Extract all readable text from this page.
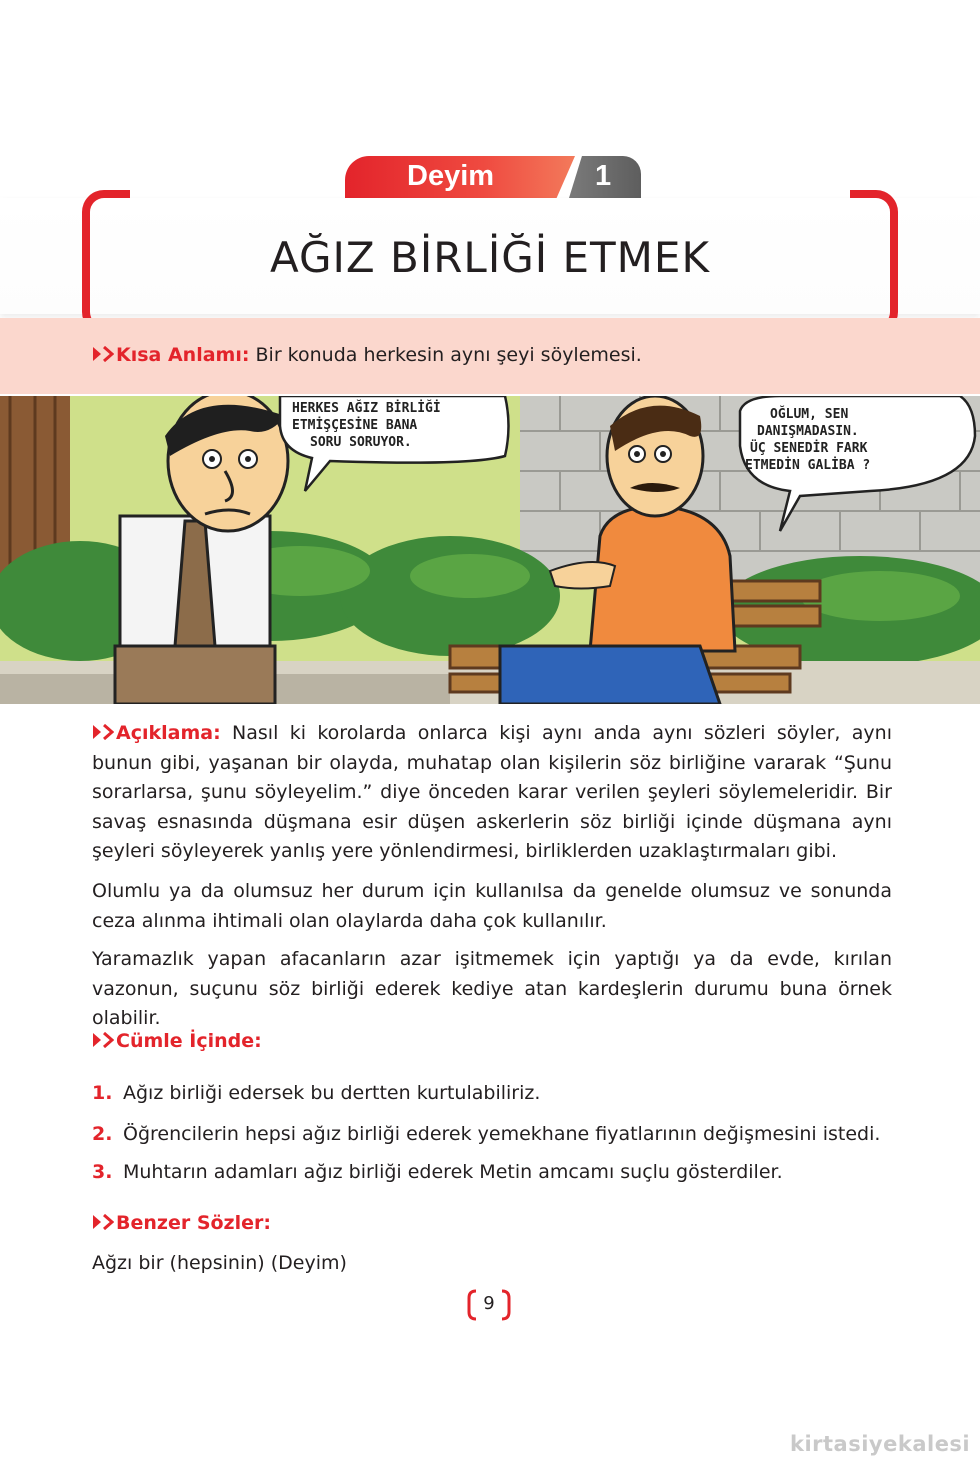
Deyim	1
AĞIZ BİRLİĞİ ETMEK
Kısa Anlamı: Bir konuda herkesin aynı şeyi söylemesi.
HERKES AĞIZ BİRLİĞİ
ETMİŞÇESİNE BANA
SORU SORUYOR.
OĞLUM, SEN
DANIŞMADASIN.
ÜÇ SENEDİR FARK
ETMEDİN GALİBA ?
Açıklama: Nasıl ki korolarda onlarca kişi aynı anda aynı sözleri söyler, aynı bunun gibi, yaşanan bir olayda, muhatap olan kişilerin söz birliğine vararak “Şunu sorarlarsa, şunu söyleyelim.” diye önceden karar verilen şeyleri söylemeleridir. Bir savaş esnasında düşmana esir düşen askerlerin söz birliği içinde düşmana aynı şeyleri söyleyerek yanlış yere yönlendirmesi, birliklerden uzaklaştırmaları gibi.
Olumlu ya da olumsuz her durum için kullanılsa da genelde olumsuz ve sonunda ceza alınma ihtimali olan olaylarda daha çok kullanılır.
Yaramazlık yapan afacanların azar işitmemek için yaptığı ya da evde, kırılan vazonun, suçunu söz birliği ederek kediye atan kardeşlerin durumu buna örnek olabilir.
Cümle İçinde:
1. Ağız birliği edersek bu dertten kurtulabiliriz.
2. Öğrencilerin hepsi ağız birliği ederek yemekhane fiyatlarının değişmesini istedi.
3. Muhtarın adamları ağız birliği ederek Metin amcamı suçlu gösterdiler.
Benzer Sözler:
Ağzı bir (hepsinin) (Deyim)
9
kirtasiyekalesi
